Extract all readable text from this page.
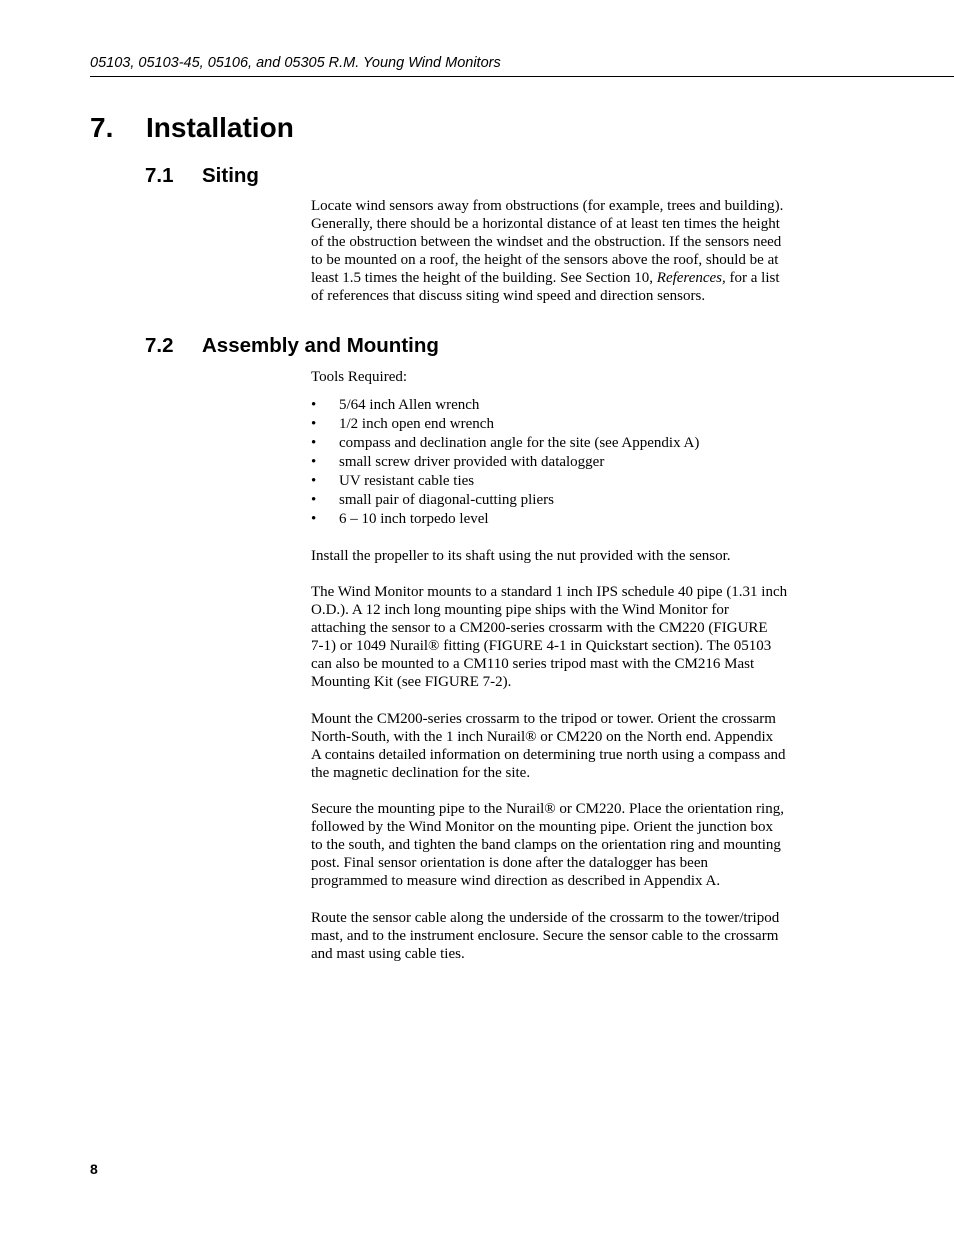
05103, 05103-45, 05106, and 05305 R.M. Young Wind Monitors
7. Installation
7.1 Siting
Locate wind sensors away from obstructions (for example, trees and building).
Generally, there should be a horizontal distance of at least ten times the height
of the obstruction between the windset and the obstruction. If the sensors need
to be mounted on a roof, the height of the sensors above the roof, should be at
least 1.5 times the height of the building. See Section 10, References, for a list
of references that discuss siting wind speed and direction sensors.
7.2 Assembly and Mounting
Tools Required:
• 5/64 inch Allen wrench
• 1/2 inch open end wrench
• compass and declination angle for the site (see Appendix A)
• small screw driver provided with datalogger
• UV resistant cable ties
• small pair of diagonal-cutting pliers
• 6 – 10 inch torpedo level
Install the propeller to its shaft using the nut provided with the sensor.
The Wind Monitor mounts to a standard 1 inch IPS schedule 40 pipe (1.31 inch
O.D.). A 12 inch long mounting pipe ships with the Wind Monitor for
attaching the sensor to a CM200-series crossarm with the CM220 (FIGURE
7-1) or 1049 Nurail® fitting (FIGURE 4-1 in Quickstart section). The 05103
can also be mounted to a CM110 series tripod mast with the CM216 Mast
Mounting Kit (see FIGURE 7-2).
Mount the CM200-series crossarm to the tripod or tower. Orient the crossarm
North-South, with the 1 inch Nurail® or CM220 on the North end. Appendix
A contains detailed information on determining true north using a compass and
the magnetic declination for the site.
Secure the mounting pipe to the Nurail® or CM220. Place the orientation ring,
followed by the Wind Monitor on the mounting pipe. Orient the junction box
to the south, and tighten the band clamps on the orientation ring and mounting
post. Final sensor orientation is done after the datalogger has been
programmed to measure wind direction as described in Appendix A.
Route the sensor cable along the underside of the crossarm to the tower/tripod
mast, and to the instrument enclosure. Secure the sensor cable to the crossarm
and mast using cable ties.
8
